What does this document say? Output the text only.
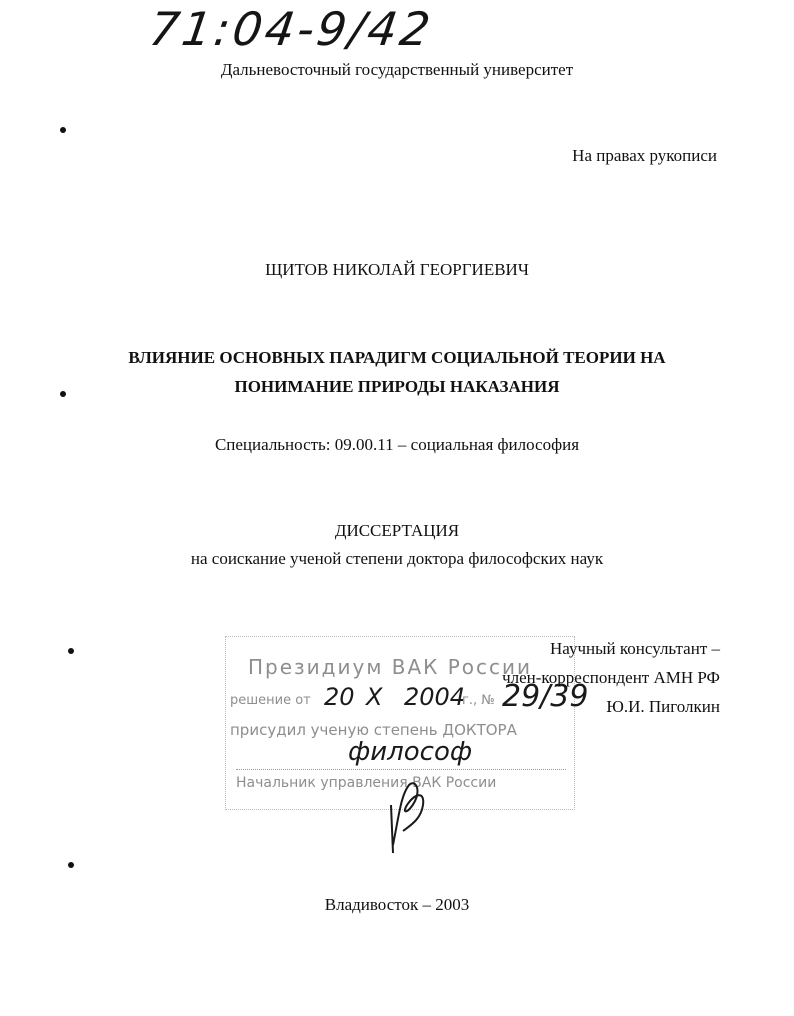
71:04-9/42
Дальневосточный государственный университет
На правах рукописи
ЩИТОВ НИКОЛАЙ ГЕОРГИЕВИЧ
ВЛИЯНИЕ ОСНОВНЫХ ПАРАДИГМ СОЦИАЛЬНОЙ ТЕОРИИ НА
ПОНИМАНИЕ ПРИРОДЫ НАКАЗАНИЯ
Специальность: 09.00.11 – социальная философия
ДИССЕРТАЦИЯ
на соискание ученой степени доктора философских наук
Президиум ВАК России
решение от 20 Х 2004
г., № 29/39
присудил ученую степень ДОКТОРА
философ
Начальник управления ВАК России
Научный консультант –
член-корреспондент АМН РФ
Ю.И. Пиголкин
Владивосток – 2003
